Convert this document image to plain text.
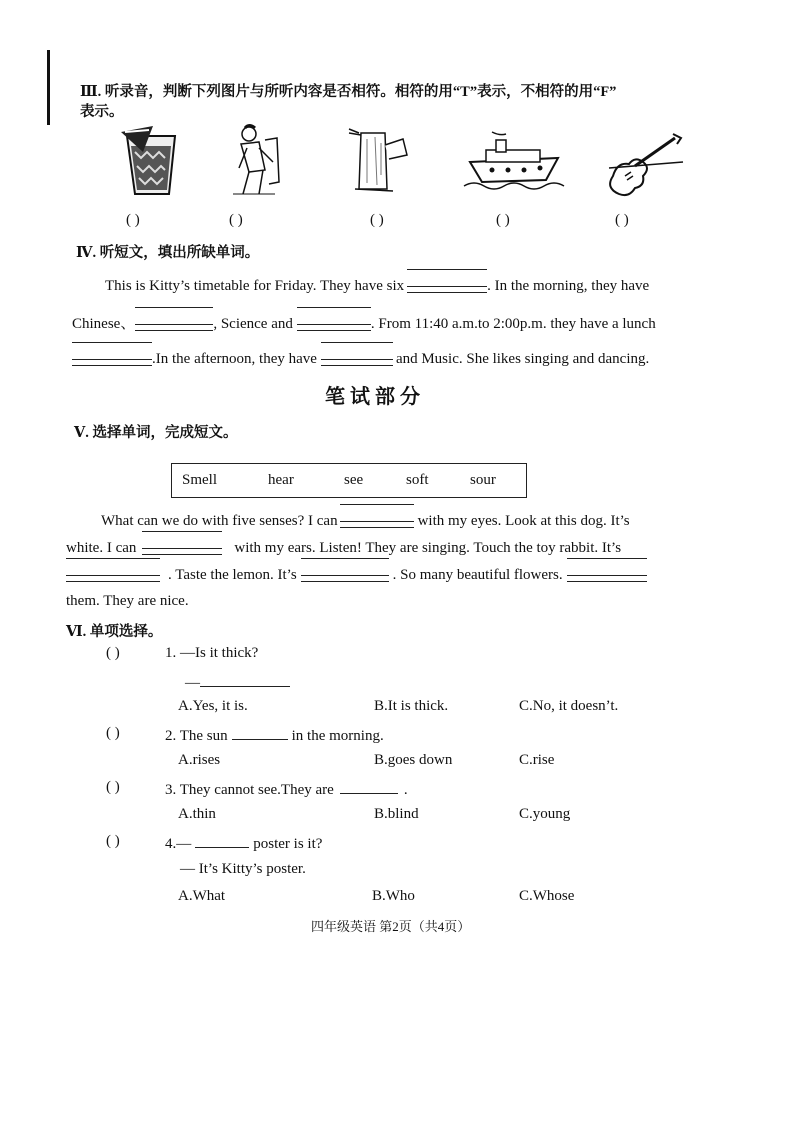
Ⅲ. 听录音，判断下列图片与所听内容是否相符。相符的用“T”表示，不相符的用“F”
表示。
( )	( )	( )	( )	( )
Ⅳ. 听短文，填出所缺单词。
This is Kitty’s timetable for Friday. They have six	. In the morning, they have
Chinese、	, Science and	. From 11:40 a.m.to 2:00p.m. they have a lunch
.In the afternoon, they have	and Music. She likes singing and dancing.
笔 试 部 分
Ⅴ. 选择单词，完成短文。
Smell	hear	see	soft	sour
What can we do with five senses? I can	with my eyes. Look at this dog. It’s
white. I can	with my ears. Listen! They are singing. Touch the toy rabbit. It’s
. Taste the lemon. It’s	. So many beautiful flowers.
them. They are nice.
Ⅵ. 单项选择。
( )	1. —Is it thick?
—
A.Yes, it is.	B.It is thick.	C.No, it doesn’t.
( )	2. The sun	in the morning.
A.rises	B.goes down	C.rise
( )	3. They cannot see.They are	.
A.thin	B.blind	C.young
( )	4.—	poster is it?
— It’s Kitty’s poster.
A.What	B.Who	C.Whose
四年级英语 第2页（共4页）
